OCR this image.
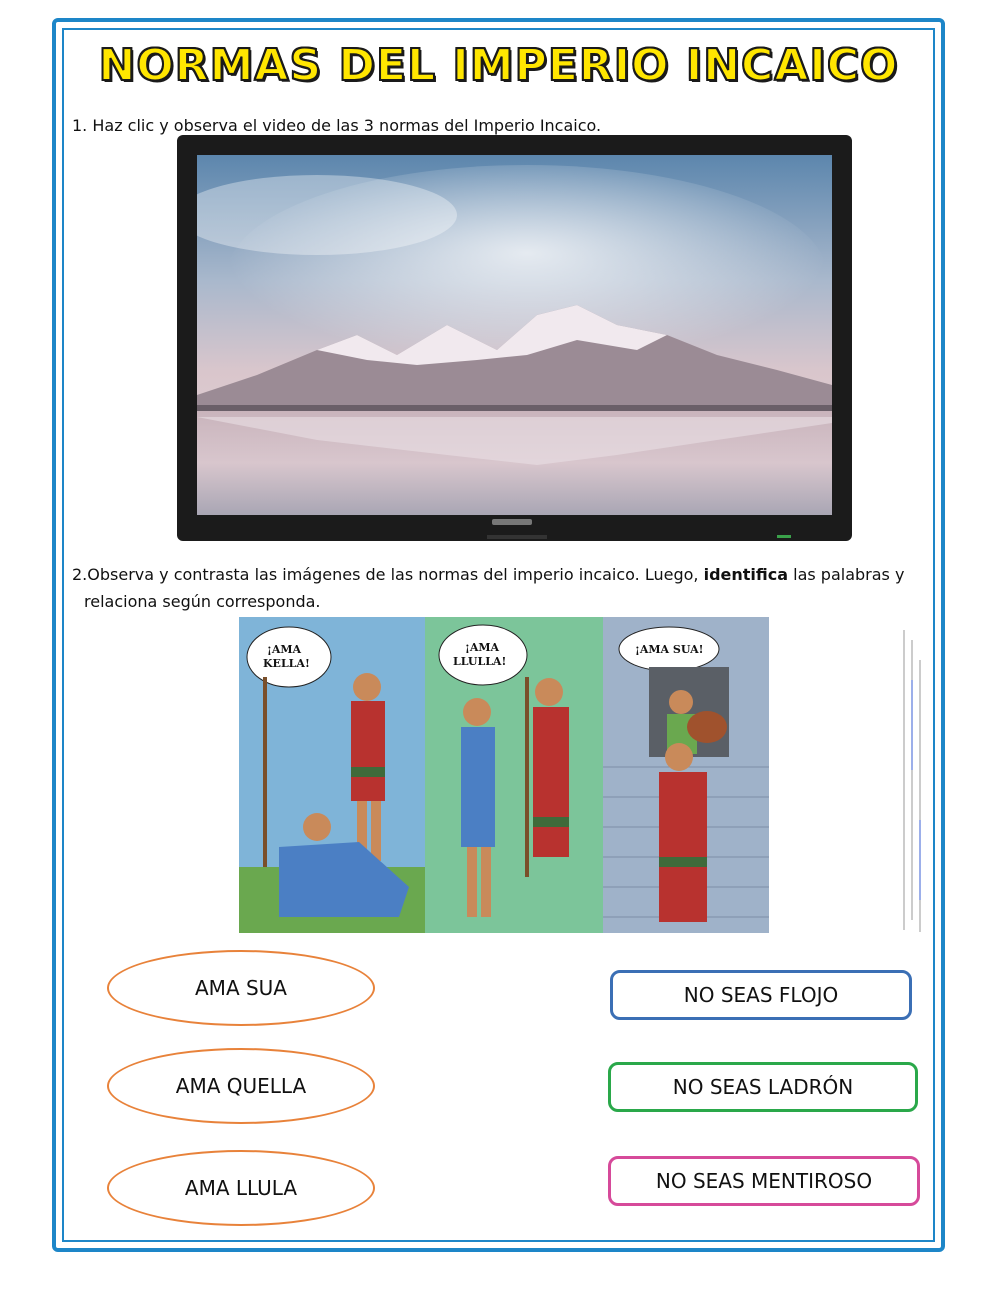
NORMAS DEL IMPERIO INCAICO
1. Haz clic y observa el video de las 3 normas del Imperio Incaico.
2.Observa y contrasta las imágenes de las normas del imperio incaico. Luego, identifica las palabras y
relaciona según corresponda.
¡AMA
KELLA!
¡AMA
LLULLA!
¡AMA SUA!
AMA SUA
AMA QUELLA
AMA LLULA
NO SEAS FLOJO
NO SEAS LADRÓN
NO SEAS MENTIROSO
